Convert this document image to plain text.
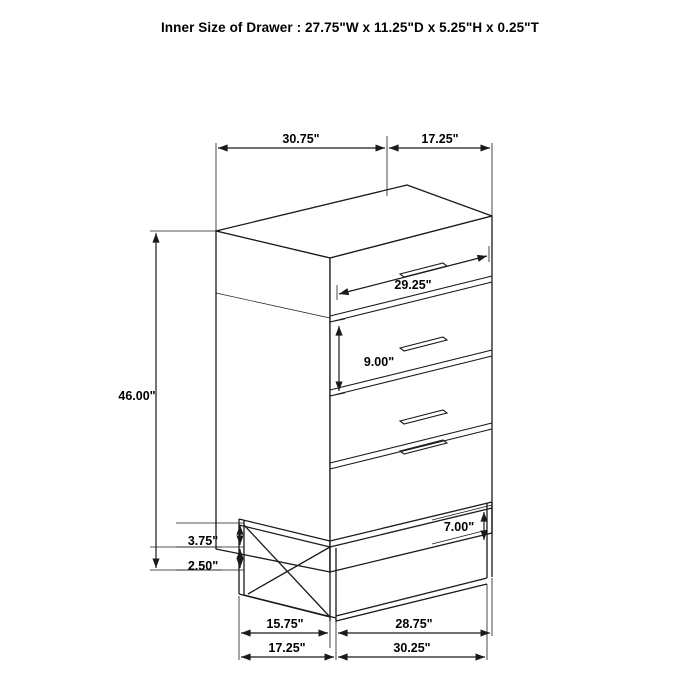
Inner Size of Drawer : 27.75"W x 11.25"D x 5.25"H x 0.25"T
30.75"	17.25"
29.25"
9.00"
46.00"
3.75"
2.50"
7.00"
15.75"	28.75"
17.25"	30.25"
